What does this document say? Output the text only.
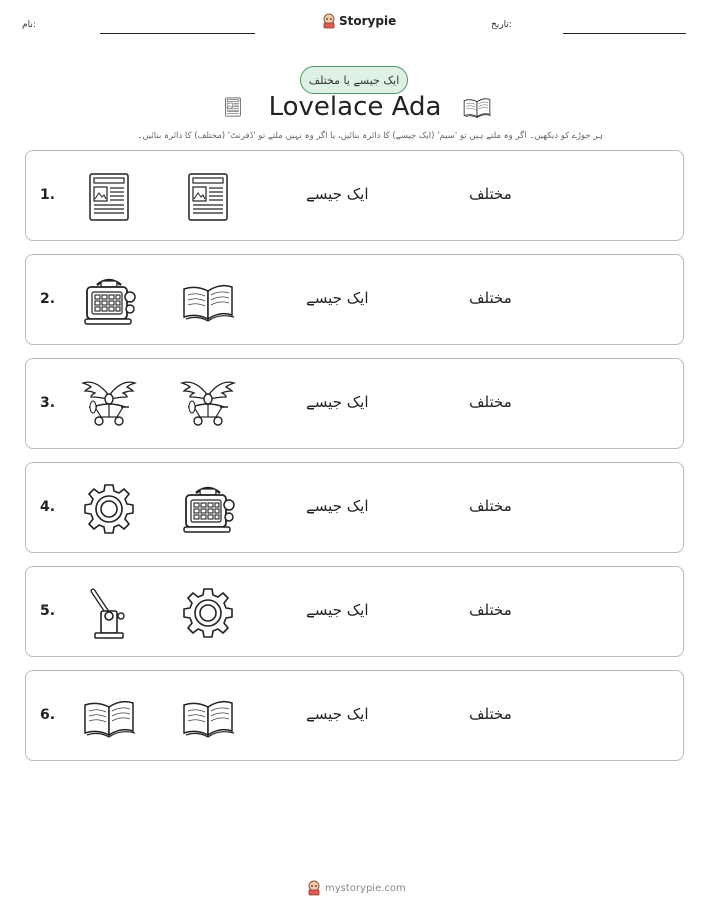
نام:	Storypie	تاریخ:
ایک جیسے یا مختلف
Lovelace Ada
ہر جوڑے کو دیکھیں۔ اگر وہ ملتے ہیں تو 'سیم' (ایک جیسے) کا دائرہ بنائیں، یا اگر وہ نہیں ملتے تو 'ڈفرنٹ' (مختلف) کا دائرہ بنائیں۔
1.	ایک جیسے	مختلف
2.	ایک جیسے	مختلف
3.	ایک جیسے	مختلف
4.	ایک جیسے	مختلف
5.	ایک جیسے	مختلف
6.	ایک جیسے	مختلف
mystorypie.com
